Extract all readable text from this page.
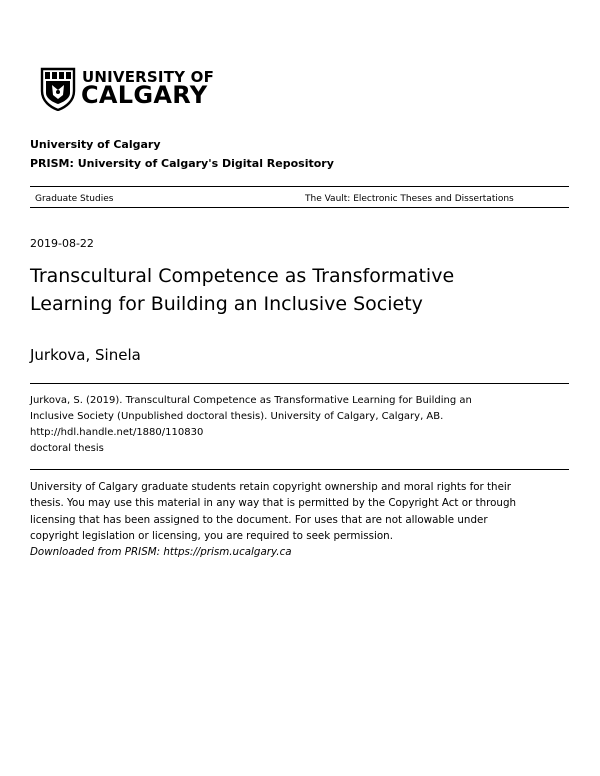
UNIVERSITY OF
CALGARY
University of Calgary
PRISM: University of Calgary's Digital Repository
Graduate Studies	The Vault: Electronic Theses and Dissertations
2019-08-22
Transcultural Competence as Transformative
Learning for Building an Inclusive Society
Jurkova, Sinela
Jurkova, S. (2019). Transcultural Competence as Transformative Learning for Building an
Inclusive Society (Unpublished doctoral thesis). University of Calgary, Calgary, AB.
http://hdl.handle.net/1880/110830
doctoral thesis
University of Calgary graduate students retain copyright ownership and moral rights for their
thesis. You may use this material in any way that is permitted by the Copyright Act or through
licensing that has been assigned to the document. For uses that are not allowable under
copyright legislation or licensing, you are required to seek permission.
Downloaded from PRISM: https://prism.ucalgary.ca
